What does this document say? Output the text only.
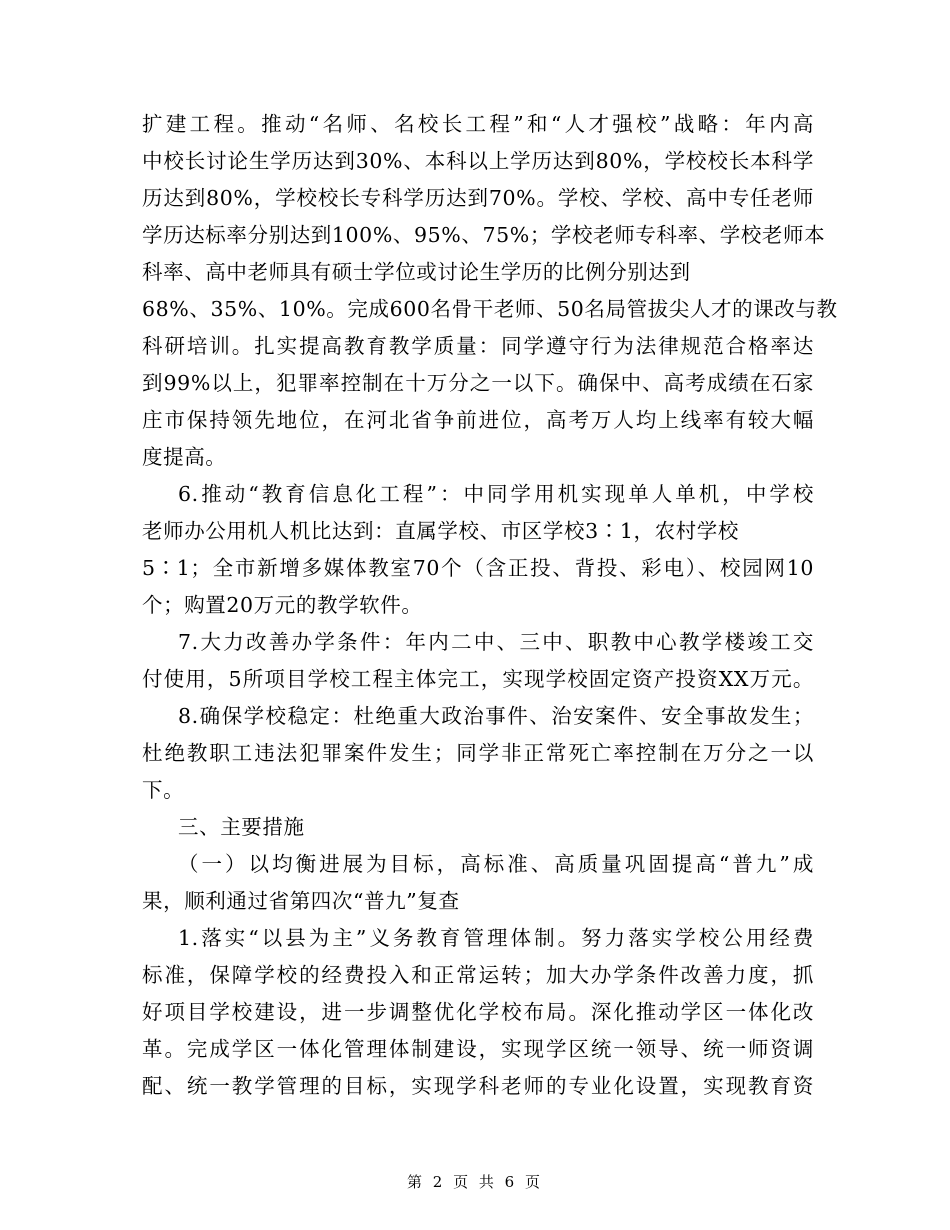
扩建工程。推动“名师、名校长工程”和“人才强校”战略：年内高
中校长讨论生学历达到30%、本科以上学历达到80%，学校校长本科学
历达到80%，学校校长专科学历达到70%。学校、学校、高中专任老师
学历达标率分别达到100%、95%、75%；学校老师专科率、学校老师本
科率、高中老师具有硕士学位或讨论生学历的比例分别达到
68%、35%、10%。完成600名骨干老师、50名局管拔尖人才的课改与教
科研培训。扎实提高教育教学质量：同学遵守行为法律规范合格率达
到99%以上，犯罪率控制在十万分之一以下。确保中、高考成绩在石家
庄市保持领先地位，在河北省争前进位，高考万人均上线率有较大幅
度提高。
6.推动“教育信息化工程”：中同学用机实现单人单机，中学校
老师办公用机人机比达到：直属学校、市区学校3∶1，农村学校
5∶1；全市新增多媒体教室70个（含正投、背投、彩电）、校园网10
个；购置20万元的教学软件。
7.大力改善办学条件：年内二中、三中、职教中心教学楼竣工交
付使用，5所项目学校工程主体完工，实现学校固定资产投资XX万元。
8.确保学校稳定：杜绝重大政治事件、治安案件、安全事故发生；
杜绝教职工违法犯罪案件发生；同学非正常死亡率控制在万分之一以
下。
三、主要措施
（一）以均衡进展为目标，高标准、高质量巩固提高“普九”成
果，顺利通过省第四次“普九”复查
1.落实“以县为主”义务教育管理体制。努力落实学校公用经费
标准，保障学校的经费投入和正常运转；加大办学条件改善力度，抓
好项目学校建设，进一步调整优化学校布局。深化推动学区一体化改
革。完成学区一体化管理体制建设，实现学区统一领导、统一师资调
配、统一教学管理的目标，实现学科老师的专业化设置，实现教育资
第 2 页 共 6 页
